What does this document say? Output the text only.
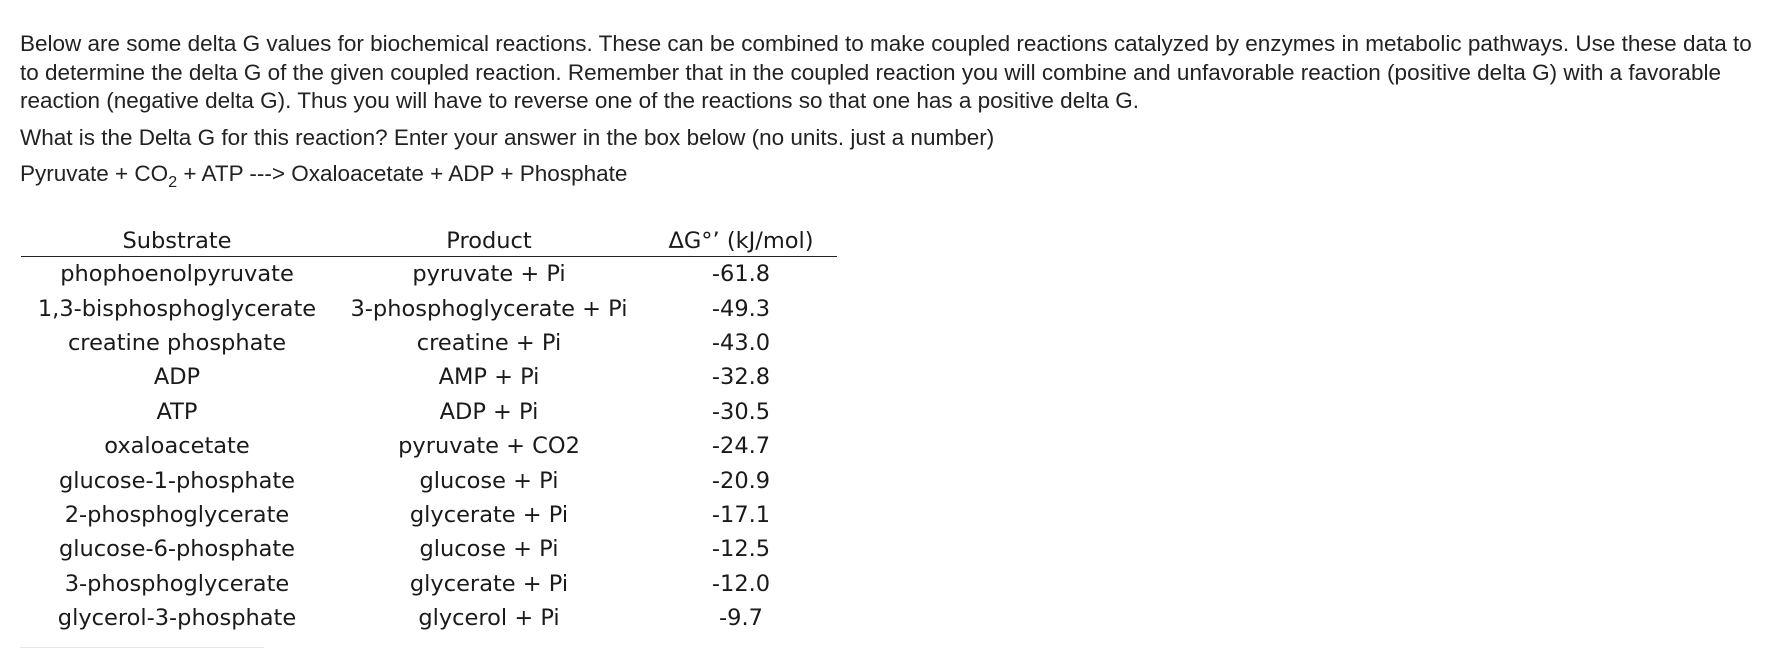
Below are some delta G values for biochemical reactions. These can be combined to make coupled reactions catalyzed by enzymes in metabolic pathways. Use these data to to determine the delta G of the given coupled reaction. Remember that in the coupled reaction you will combine and unfavorable reaction (positive delta G) with a favorable reaction (negative delta G). Thus you will have to reverse one of the reactions so that one has a positive delta G.

What is the Delta G for this reaction? Enter your answer in the box below (no units. just a number)

Pyruvate + $CO_2$ + ATP ---> Oxaloacetate + ADP + Phosphate

Substrate	Product	ΔG°’ (kJ/mol)
phophoenolpyruvate	pyruvate + Pi	-61.8
1,3-bisphosphoglycerate	3-phosphoglycerate + Pi	-49.3
creatine phosphate	creatine + Pi	-43.0
ADP	AMP + Pi	-32.8
ATP	ADP + Pi	-30.5
oxaloacetate	pyruvate + CO2	-24.7
glucose-1-phosphate	glucose + Pi	-20.9
2-phosphoglycerate	glycerate + Pi	-17.1
glucose-6-phosphate	glucose + Pi	-12.5
3-phosphoglycerate	glycerate + Pi	-12.0
glycerol-3-phosphate	glycerol + Pi	-9.7
